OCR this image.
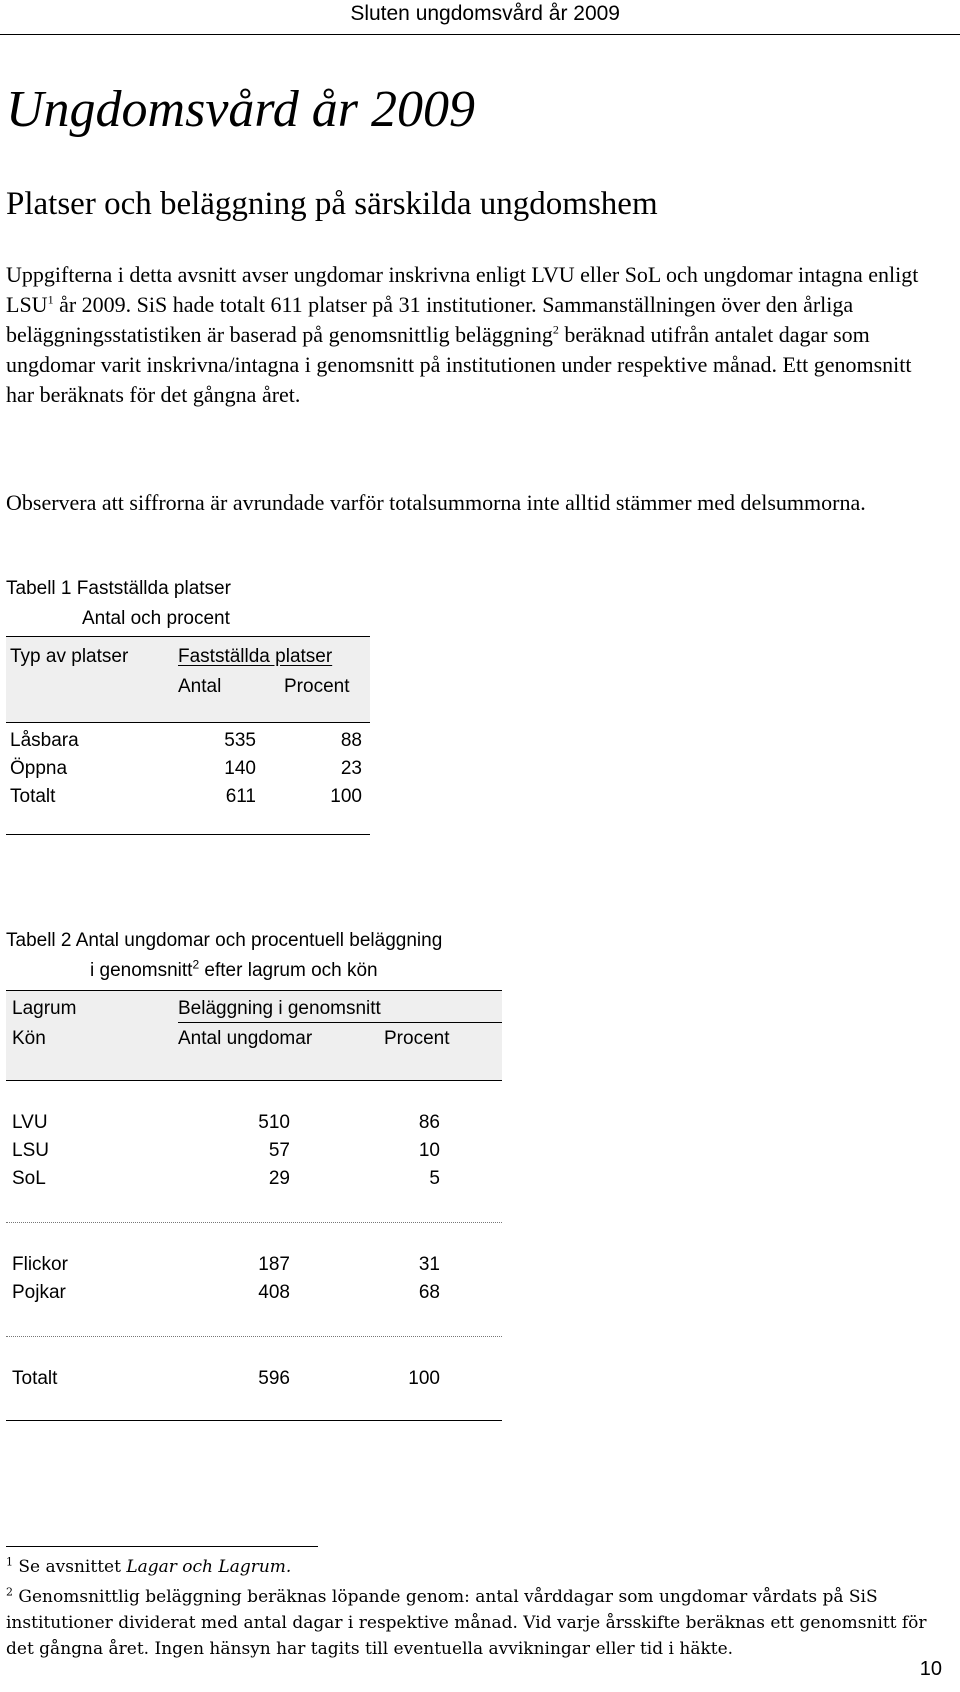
Sluten ungdomsvård år 2009
Ungdomsvård år 2009
Platser och beläggning på särskilda ungdomshem

Uppgifterna i detta avsnitt avser ungdomar inskrivna enligt LVU eller SoL och ungdomar intagna enligt LSU$^1$ år 2009. SiS hade totalt 611 platser på 31 institutioner. Sammanställningen över den årliga beläggningsstatistiken är baserad på genomsnittlig beläggning$^2$ beräknad utifrån antalet dagar som ungdomar varit inskrivna/intagna i genomsnitt på institutionen under respektive månad. Ett genomsnitt har beräknats för det gångna året.

Observera att siffrorna är avrundade varför totalsummorna inte alltid stämmer med delsummorna.

Tabell 1 Fastställda platser
Antal och procent
Typ av platser	Fastställda platser
Antal	Procent
Låsbara	535	88
Öppna	140	23
Totalt	611	100
Tabell 2 Antal ungdomar och procentuell beläggning
i genomsnitt$^2$ efter lagrum och kön
Lagrum	Beläggning i genomsnitt
Kön	Antal ungdomar	Procent
LVU	510	86
LSU	57	10
SoL	29	5
Flickor	187	31
Pojkar	408	68
Totalt	596	100

$^1$ Se avsnittet Lagar och Lagrum.

$^2$ Genomsnittlig beläggning beräknas löpande genom: antal vårddagar som ungdomar vårdats på SiS institutioner dividerat med antal dagar i respektive månad. Vid varje årsskifte beräknas ett genomsnitt för det gångna året. Ingen hänsyn har tagits till eventuella avvikningar eller tid i häkte.

10
